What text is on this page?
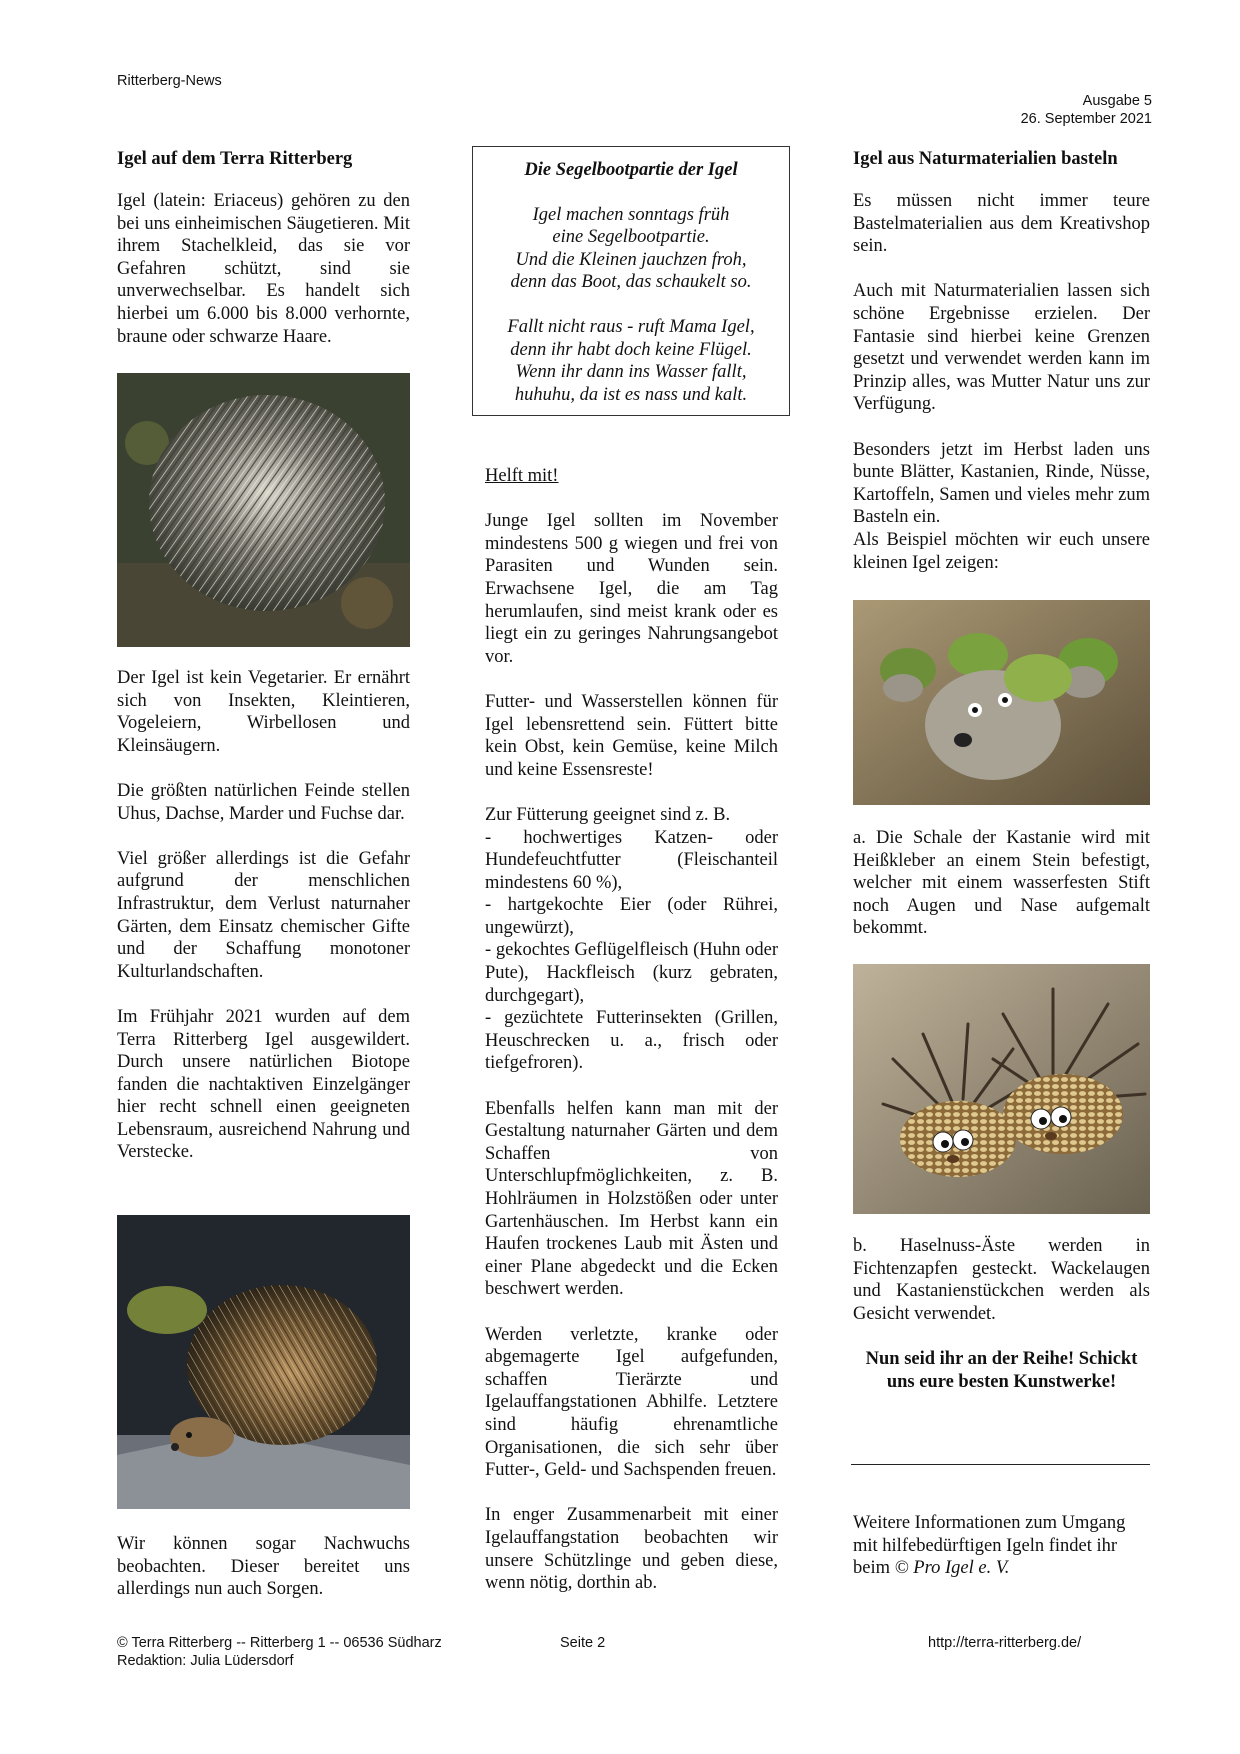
Ritterberg-News
Ausgabe 5
26. September 2021
Igel auf dem Terra Ritterberg

Igel (latein: Eriaceus) gehören zu den bei uns einheimischen Säugetieren. Mit ihrem Stachelkleid, das sie vor Gefahren schützt, sind sie unverwechselbar. Es handelt sich hierbei um 6.000 bis 8.000 verhornte, braune oder schwarze Haare.

Der Igel ist kein Vegetarier. Er ernährt sich von Insekten, Kleintieren, Vogeleiern, Wirbellosen und Kleinsäugern.

Die größten natürlichen Feinde stellen Uhus, Dachse, Marder und Fuchse dar.

Viel größer allerdings ist die Gefahr aufgrund der menschlichen Infrastruktur, dem Verlust naturnaher Gärten, dem Einsatz chemischer Gifte und der Schaffung monotoner Kulturlandschaften.

Im Frühjahr 2021 wurden auf dem Terra Ritterberg Igel ausgewildert. Durch unsere natürlichen Biotope fanden die nachtaktiven Einzelgänger hier recht schnell einen geeigneten Lebensraum, ausreichend Nahrung und Verstecke.

Wir können sogar Nachwuchs beobachten. Dieser bereitet uns allerdings nun auch Sorgen.

Die Segelbootpartie der Igel
Igel machen sonntags früh
eine Segelbootpartie.
Und die Kleinen jauchzen froh,
denn das Boot, das schaukelt so.
Fallt nicht raus - ruft Mama Igel,
denn ihr habt doch keine Flügel.
Wenn ihr dann ins Wasser fallt,
huhuhu, da ist es nass und kalt.
Helft mit!

Junge Igel sollten im November mindestens 500 g wiegen und frei von Parasiten und Wunden sein. Erwachsene Igel, die am Tag herumlaufen, sind meist krank oder es liegt ein zu geringes Nahrungsangebot vor.

Futter- und Wasserstellen können für Igel lebensrettend sein. Füttert bitte kein Obst, kein Gemüse, keine Milch und keine Essensreste!

Zur Fütterung geeignet sind z. B.
- hochwertiges Katzen- oder Hundefeuchtfutter (Fleischanteil mindestens 60 %),
- hartgekochte Eier (oder Rührei, ungewürzt),
- gekochtes Geflügelfleisch (Huhn oder Pute), Hackfleisch (kurz gebraten, durchgegart),
- gezüchtete Futterinsekten (Grillen, Heuschrecken u. a., frisch oder tiefgefroren).

Ebenfalls helfen kann man mit der Gestaltung naturnaher Gärten und dem Schaffen von Unterschlupfmöglichkeiten, z. B. Hohlräumen in Holzstößen oder unter Gartenhäuschen. Im Herbst kann ein Haufen trockenes Laub mit Ästen und einer Plane abgedeckt und die Ecken beschwert werden.

Werden verletzte, kranke oder abgemagerte Igel aufgefunden, schaffen Tierärzte und Igelauffangstationen Abhilfe. Letztere sind häufig ehrenamtliche Organisationen, die sich sehr über Futter-, Geld- und Sachspenden freuen.

In enger Zusammenarbeit mit einer Igelauffangstation beobachten wir unsere Schützlinge und geben diese, wenn nötig, dorthin ab.

Igel aus Naturmaterialien basteln

Es müssen nicht immer teure Bastelmaterialien aus dem Kreativshop sein.

Auch mit Naturmaterialien lassen sich schöne Ergebnisse erzielen. Der Fantasie sind hierbei keine Grenzen gesetzt und verwendet werden kann im Prinzip alles, was Mutter Natur uns zur Verfügung.

Besonders jetzt im Herbst laden uns bunte Blätter, Kastanien, Rinde, Nüsse, Kartoffeln, Samen und vieles mehr zum Basteln ein.
Als Beispiel möchten wir euch unsere kleinen Igel zeigen:

a. Die Schale der Kastanie wird mit Heißkleber an einem Stein befestigt, welcher mit einem wasserfesten Stift noch Augen und Nase aufgemalt bekommt.

b. Haselnuss-Äste werden in Fichtenzapfen gesteckt. Wackelaugen und Kastanienstückchen werden als Gesicht verwendet.

Nun seid ihr an der Reihe! Schickt uns eure besten Kunstwerke!

Weitere Informationen zum Umgang mit hilfebedürftigen Igeln findet ihr beim © Pro Igel e. V.

© Terra Ritterberg -- Ritterberg 1 -- 06536 Südharz
Redaktion: Julia Lüdersdorf
Seite 2	http://terra-ritterberg.de/
